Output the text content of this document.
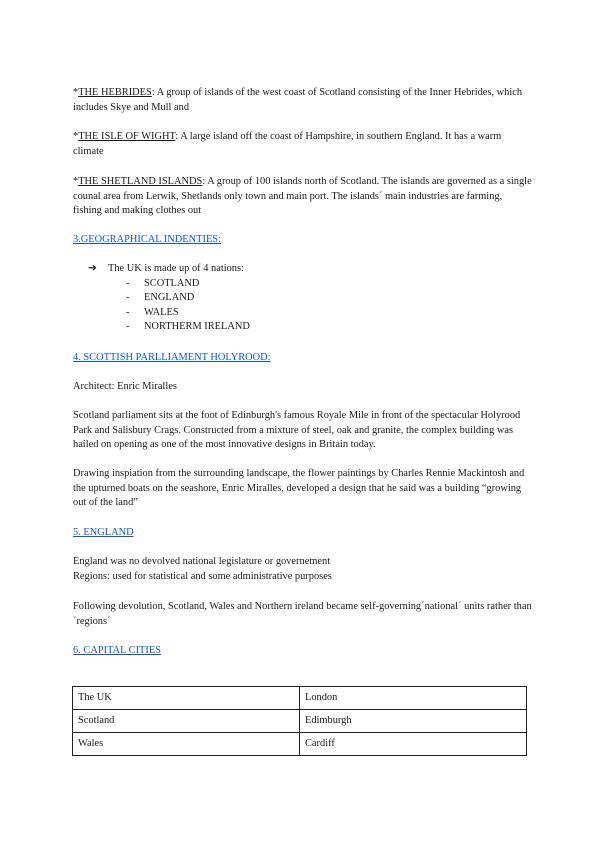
*THE HEBRIDES: A group of islands of the west coast of Scotland consisting of the Inner Hebrides, which includes Skye and Mull and

*THE ISLE OF WIGHT: A large island off the coast of Hampshire, in southern England. It has a warm climate

*THE SHETLAND ISLANDS: A group of 100 islands north of Scotland. The islands are governed as a single counal area from Lerwik, Shetlands only town and main port. The islands´ main industries are farming, fishing and making clothes out

3.GEOGRAPHICAL INDENTIES:

➔	The UK is made up of 4 nations:
-	SCOTLAND
-	ENGLAND
-	WALES
-	NORTHERM IRELAND

4. SCOTTISH PARLLIAMENT HOLYROOD:

Architect: Enric Miralles

Scotland parliament sits at the foot of Edinburgh's famous Royale Mile in front of the spectacular Holyrood Park and Salisbury Crags. Constructed from a mixture of steel, oak and granite, the complex building was hailed on opening as one of the most innovative designs in Britain today.

Drawing inspiation from the surrounding landscape, the flower paintings by Charles Rennie Mackintosh and the upturned boats on the seashore, Enric Miralles, developed a design that he said was a building “growing out of the land”

5. ENGLAND

England was no devolved national legislature or governement

Regions: used for statistical and some administrative purposes

Following devolution, Scotland, Wales and Northern ireland became self-governing´national´ units rather than´regions´

6. CAPITAL CITIES

The UK	London
Scotland	Edimburgh
Wales	Cardiff
